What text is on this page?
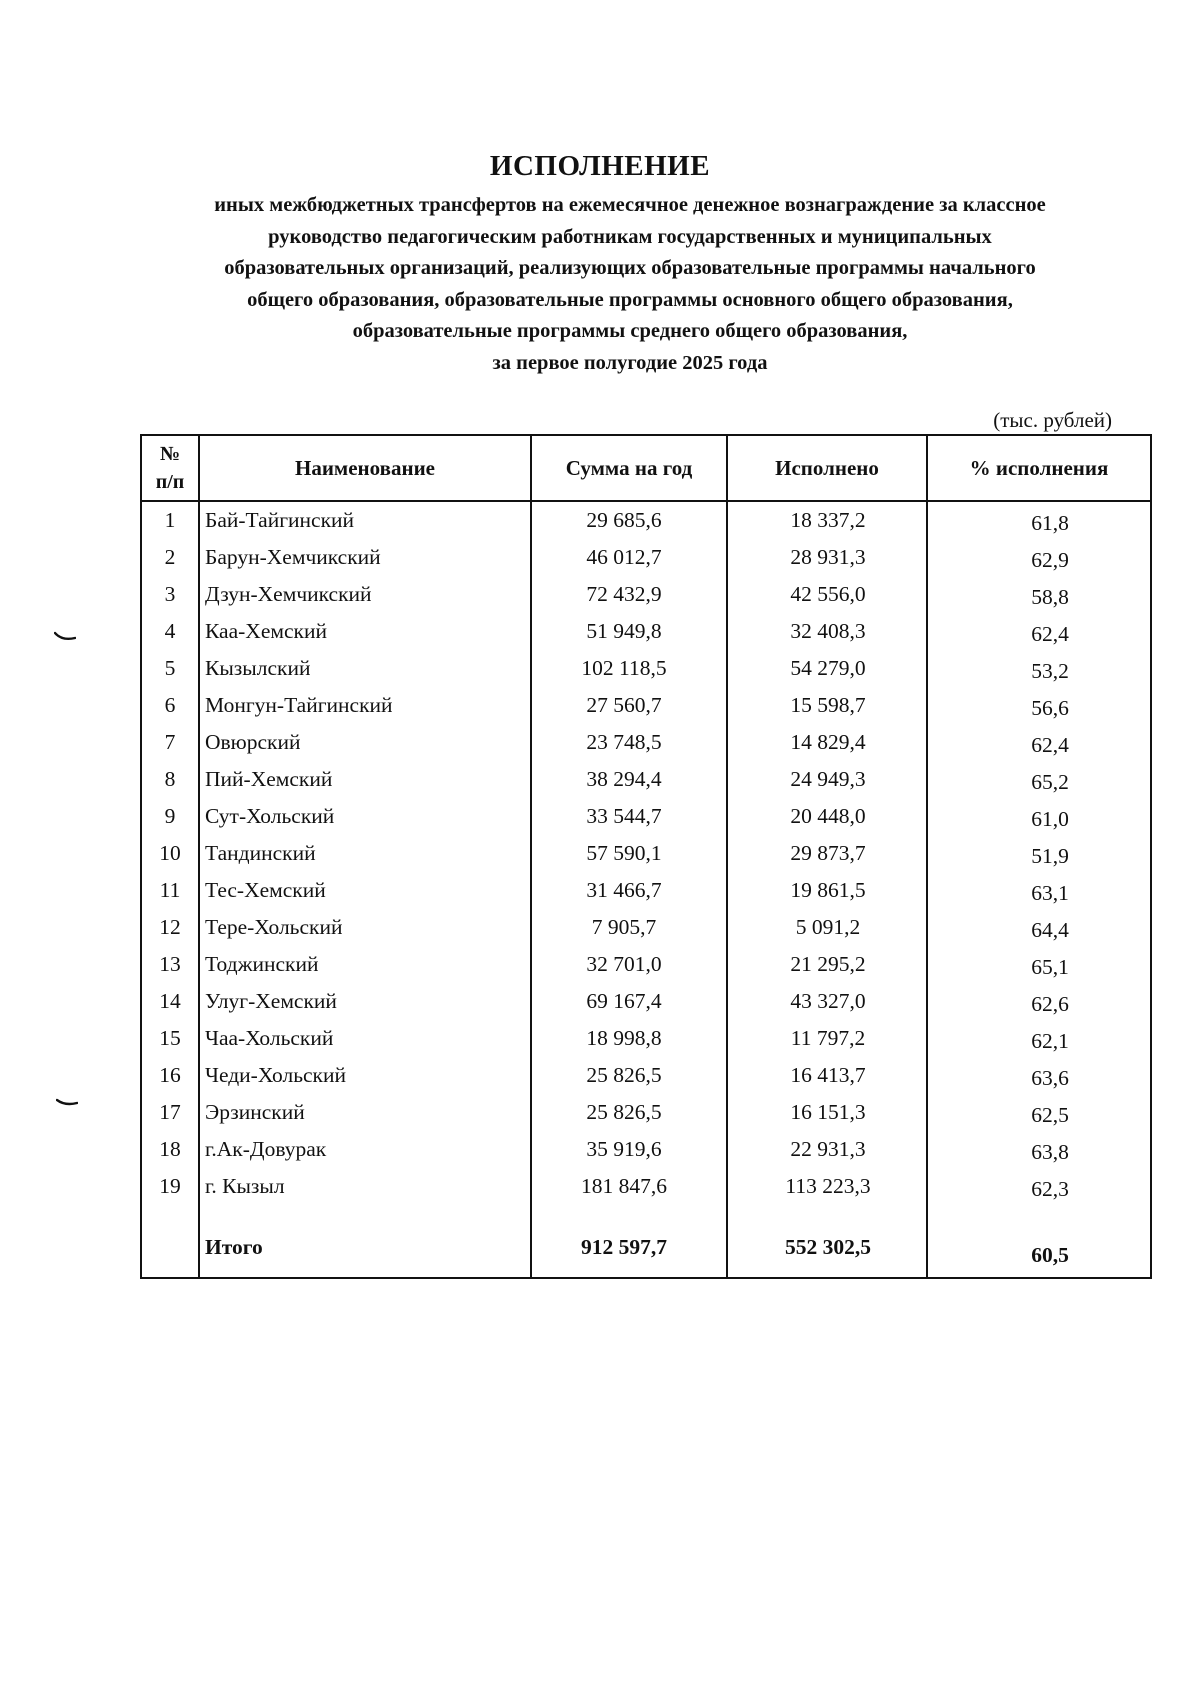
ИСПОЛНЕНИЕ
иных межбюджетных трансфертов на ежемесячное денежное вознаграждение за классное
руководство педагогическим работникам государственных и муниципальных
образовательных организаций, реализующих образовательные программы начального
общего образования, образовательные программы основного общего образования,
образовательные программы среднего общего образования,
за первое полугодие 2025 года
(тыс. рублей)
№
п/п	Наименование	Сумма на год	Исполнено	% исполнения
1	Бай-Тайгинский	29 685,6	18 337,2	61,8
2	Барун-Хемчикский	46 012,7	28 931,3	62,9
3	Дзун-Хемчикский	72 432,9	42 556,0	58,8
4	Каа-Хемский	51 949,8	32 408,3	62,4
5	Кызылский	102 118,5	54 279,0	53,2
6	Монгун-Тайгинский	27 560,7	15 598,7	56,6
7	Овюрский	23 748,5	14 829,4	62,4
8	Пий-Хемский	38 294,4	24 949,3	65,2
9	Сут-Хольский	33 544,7	20 448,0	61,0
10	Тандинский	57 590,1	29 873,7	51,9
11	Тес-Хемский	31 466,7	19 861,5	63,1
12	Тере-Хольский	7 905,7	5 091,2	64,4
13	Тоджинский	32 701,0	21 295,2	65,1
14	Улуг-Хемский	69 167,4	43 327,0	62,6
15	Чаа-Хольский	18 998,8	11 797,2	62,1
16	Чеди-Хольский	25 826,5	16 413,7	63,6
17	Эрзинский	25 826,5	16 151,3	62,5
18	г.Ак-Довурак	35 919,6	22 931,3	63,8
19	г. Кызыл	181 847,6	113 223,3	62,3

	Итого	912 597,7	552 302,5	60,5
